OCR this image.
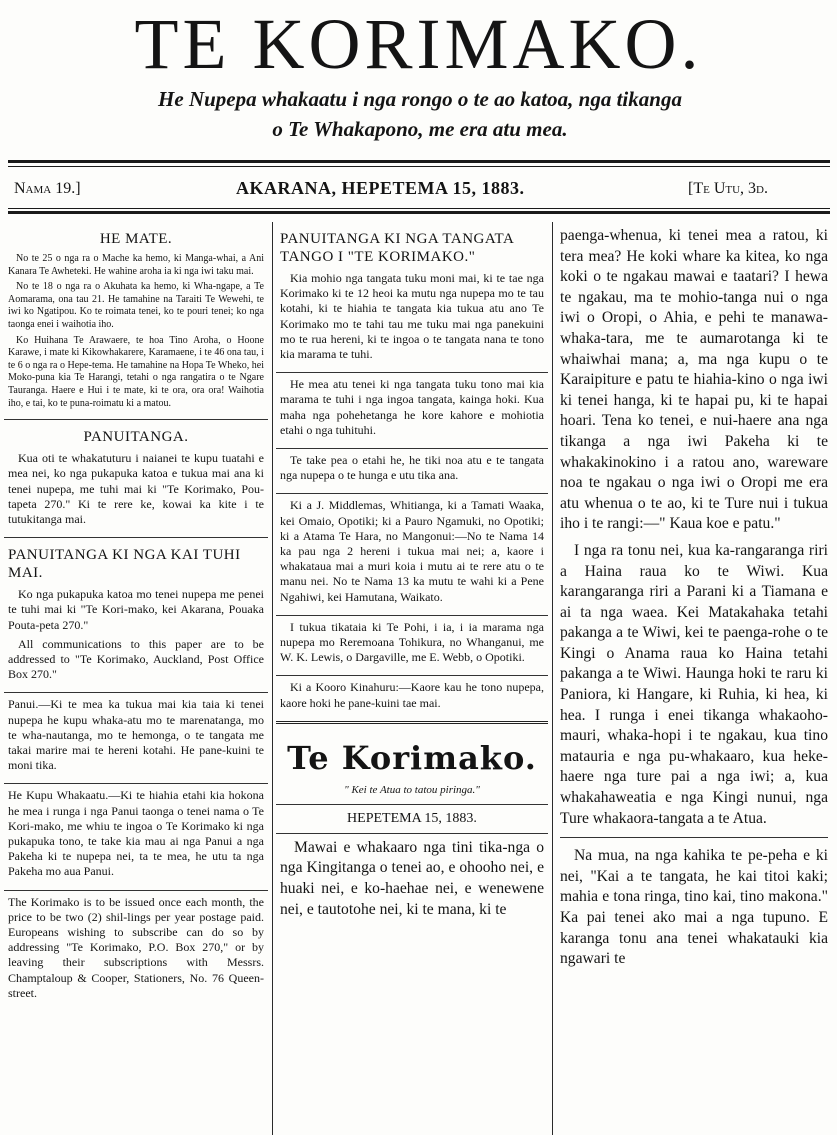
TE KORIMAKO.
He Nupepa whakaatu i nga rongo o te ao katoa, nga tikanga
o Te Whakapono, me era atu mea.
Nama 19.]	AKARANA, HEPETEMA 15, 1883.	[Te Utu, 3d.
HE MATE.

No te 25 o nga ra o Mache ka hemo, ki Manga-whai, a Ani Kanara Te Awheteki. He wahine aroha ia ki nga iwi taku mai.

No te 18 o nga ra o Akuhata ka hemo, ki Wha-ngape, a Te Aomarama, ona tau 21. He tamahine na Taraiti Te Wewehi, te iwi ko Ngatipou. Ko te roimata tenei, ko te pouri tenei; ko nga taonga enei i waihotia iho.

Ko Huihana Te Arawaere, te hoa Tino Aroha, o Hoone Karawe, i mate ki Kikowhakarere, Karamaene, i te 46 ona tau, i te 6 o nga ra o Hepe-tema. He tamahine na Hopa Te Wheko, hei Moko-puna kia Te Harangi, tetahi o nga rangatira o te Ngare Tauranga. Haere e Hui i te mate, ki te ora, ora ora! Waihotia iho, e tai, ko te puna-roimatu ki a matou.

PANUITANGA.

Kua oti te whakatuturu i naianei te kupu tuatahi e mea nei, ko nga pukapuka katoa e tukua mai ana ki tenei nupepa, me tuhi mai ki "Te Korimako, Pou-tapeta 270." Ki te rere ke, kowai ka kite i te tutukitanga mai.

PANUITANGA KI NGA KAI TUHI MAI.

Ko nga pukapuka katoa mo tenei nupepa me penei te tuhi mai ki "Te Kori-mako, kei Akarana, Pouaka Pouta-peta 270."

All communications to this paper are to be addressed to "Te Korimako, Auckland, Post Office Box 270."

Panui.—Ki te mea ka tukua mai kia taia ki tenei nupepa he kupu whaka-atu mo te marenatanga, mo te wha-nautanga, mo te hemonga, o te tangata me takai marire mai te hereni kotahi. He pane-kuini te moni tika.

He Kupu Whakaatu.—Ki te hiahia etahi kia hokona he mea i runga i nga Panui taonga o tenei nama o Te Kori-mako, me whiu te ingoa o Te Korimako ki nga pukapuka tono, te take kia mau ai nga Panui a nga Pakeha ki te nupepa nei, ta te mea, he utu ta nga Pakeha mo aua Panui.

The Korimako is to be issued once each month, the price to be two (2) shil-lings per year postage paid. Europeans wishing to subscribe can do so by addressing "Te Korimako, P.O. Box 270," or by leaving their subscriptions with Messrs. Champtaloup & Cooper, Stationers, No. 76 Queen-street.

PANUITANGA KI NGA TANGATA TANGO I "TE KORIMAKO."

Kia mohio nga tangata tuku moni mai, ki te tae nga Korimako ki te 12 heoi ka mutu nga nupepa mo te tau kotahi, ki te hiahia te tangata kia tukua atu ano Te Korimako mo te tahi tau me tuku mai nga panekuini mo te rua hereni, ki te ingoa o te tangata nana te tono kia marama te tuhi.

He mea atu tenei ki nga tangata tuku tono mai kia marama te tuhi i nga ingoa tangata, kainga hoki. Kua maha nga pohehetanga he kore kahore e mohiotia etahi o nga tuhituhi.

Te take pea o etahi he, he tiki noa atu e te tangata nga nupepa o te hunga e utu tika ana.

Ki a J. Middlemas, Whitianga, ki a Tamati Waaka, kei Omaio, Opotiki; ki a Pauro Ngamuki, no Opotiki; ki a Atama Te Hara, no Mangonui:—No te Nama 14 ka pau nga 2 hereni i tukua mai nei; a, kaore i whakataua mai a muri koia i mutu ai te rere atu o te manu nei. No te Nama 13 ka mutu te wahi ki a Pene Ngahiwi, kei Hamutana, Waikato.

I tukua tikataia ki Te Pohi, i ia, i ia marama nga nupepa mo Reremoana Tohikura, no Whanganui, me W. K. Lewis, o Dargaville, me E. Webb, o Opotiki.

Ki a Kooro Kinahuru:—Kaore kau he tono nupepa, kaore hoki he pane-kuini tae mai.

Te Korimako.
" Kei te Atua to tatou piringa."
HEPETEMA 15, 1883.

Mawai e whakaaro nga tini tika-nga o nga Kingitanga o tenei ao, e ohooho nei, e huaki nei, e ko-haehae nei, e wenewene nei, e tautotohe nei, ki te mana, ki te

paenga-whenua, ki tenei mea a ratou, ki tera mea? He koki whare ka kitea, ko nga koki o te ngakau mawai e taatari? I hewa te ngakau, ma te mohio-tanga nui o nga iwi o Oropi, o Ahia, e pehi te manawa-whaka-tara, me te aumarotanga ki te whaiwhai mana; a, ma nga kupu o te Karaipiture e patu te hiahia-kino o nga iwi ki tenei hanga, ki te hapai pu, ki te hapai hoari. Tena ko tenei, e nui-haere ana nga tikanga a nga iwi Pakeha ki te whakakinokino i a ratou ano, wareware noa te ngakau o nga iwi o Oropi me era atu whenua o te ao, ki te Ture nui i tukua iho i te rangi:—" Kaua koe e patu."

I nga ra tonu nei, kua ka-rangaranga riri a Haina raua ko te Wiwi. Kua karangaranga riri a Parani ki a Tiamana e ai ta nga waea. Kei Matakahaka tetahi pakanga a te Wiwi, kei te paenga-rohe o te Kingi o Anama raua ko Haina tetahi pakanga a te Wiwi. Haunga hoki te raru ki Paniora, ki Hangare, ki Ruhia, ki hea, ki hea. I runga i enei tikanga whakaoho-mauri, whaka-hopi i te ngakau, kua tino matauria e nga pu-whakaaro, kua heke-haere nga ture pai a nga iwi; a, kua whakahaweatia e nga Kingi nunui, nga Ture whakaora-tangata a te Atua.

Na mua, na nga kahika te pe-peha e ki nei, "Kai a te tangata, he kai titoi kaki; mahia e tona ringa, tino kai, tino makona." Ka pai tenei ako mai a nga tupuno. E karanga tonu ana tenei whakatauki kia ngawari te
